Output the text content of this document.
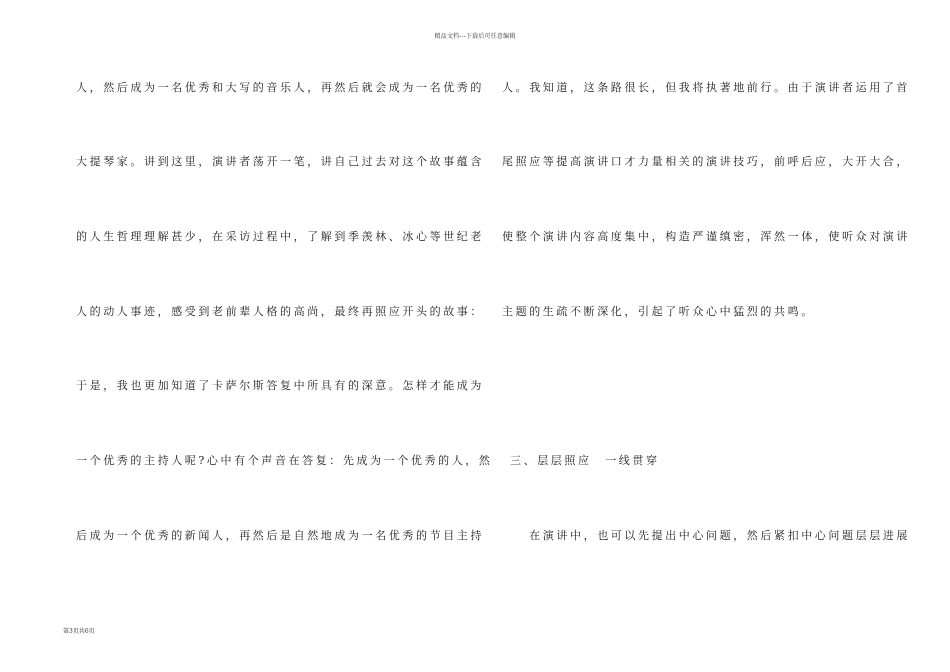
精品文档---下载后可任意编辑
人，然后成为一名优秀和大写的音乐人，再然后就会成为一名优秀的
大提琴家。讲到这里，演讲者荡开一笔，讲自己过去对这个故事蕴含
的人生哲理理解甚少，在采访过程中，了解到季羡林、冰心等世纪老
人的动人事迹，感受到老前辈人格的高尚，最终再照应开头的故事：
于是，我也更加知道了卡萨尔斯答复中所具有的深意。怎样才能成为
一个优秀的主持人呢?心中有个声音在答复：先成为一个优秀的人，然
后成为一个优秀的新闻人，再然后是自然地成为一名优秀的节目主持
人。我知道，这条路很长，但我将执著地前行。由于演讲者运用了首
尾照应等提高演讲口才力量相关的演讲技巧，前呼后应，大开大合，
使整个演讲内容高度集中，构造严谨缜密，浑然一体，使听众对演讲
主题的生疏不断深化，引起了听众心中猛烈的共鸣。
三、层层照应　一线贯穿
　　在演讲中，也可以先提出中心问题，然后紧扣中心问题层层进展
第3页共6页
